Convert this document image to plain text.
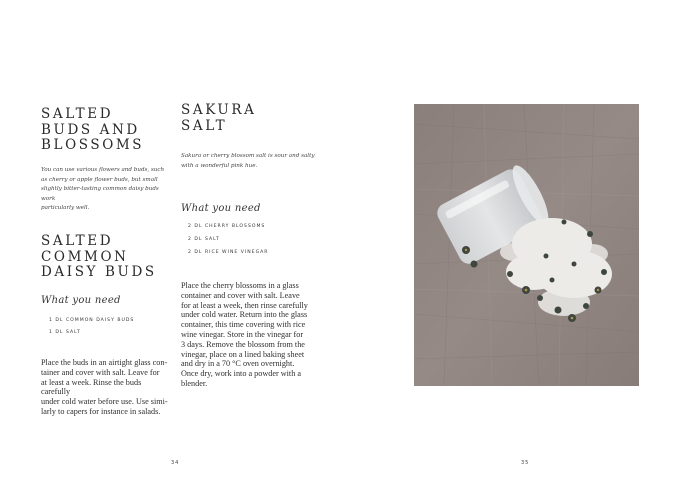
SALTED
BUDS AND
BLOSSOMS

You can use various flowers and buds, such
as cherry or apple flower buds, but small
slightly bitter-tasting common daisy buds work
particularly well.

SALTED
COMMON
DAISY BUDS

What you need

1 DL COMMON DAISY BUDS

1 DL SALT

Place the buds in an airtight glass con-
tainer and cover with salt. Leave for
at least a week. Rinse the buds carefully
under cold water before use. Use simi-
larly to capers for instance in salads.

SAKURA
SALT

Sakura or cherry blossom salt is sour and salty
with a wonderful pink hue.

What you need

2 DL CHERRY BLOSSOMS

2 DL SALT

2 DL RICE WINE VINEGAR

Place the cherry blossoms in a glass
container and cover with salt. Leave
for at least a week, then rinse carefully
under cold water. Return into the glass
container, this time covering with rice
wine vinegar. Store in the vinegar for
3 days. Remove the blossom from the
vinegar, place on a lined baking sheet
and dry in a 70 °C oven overnight.
Once dry, work into a powder with a
blender.

34	35
